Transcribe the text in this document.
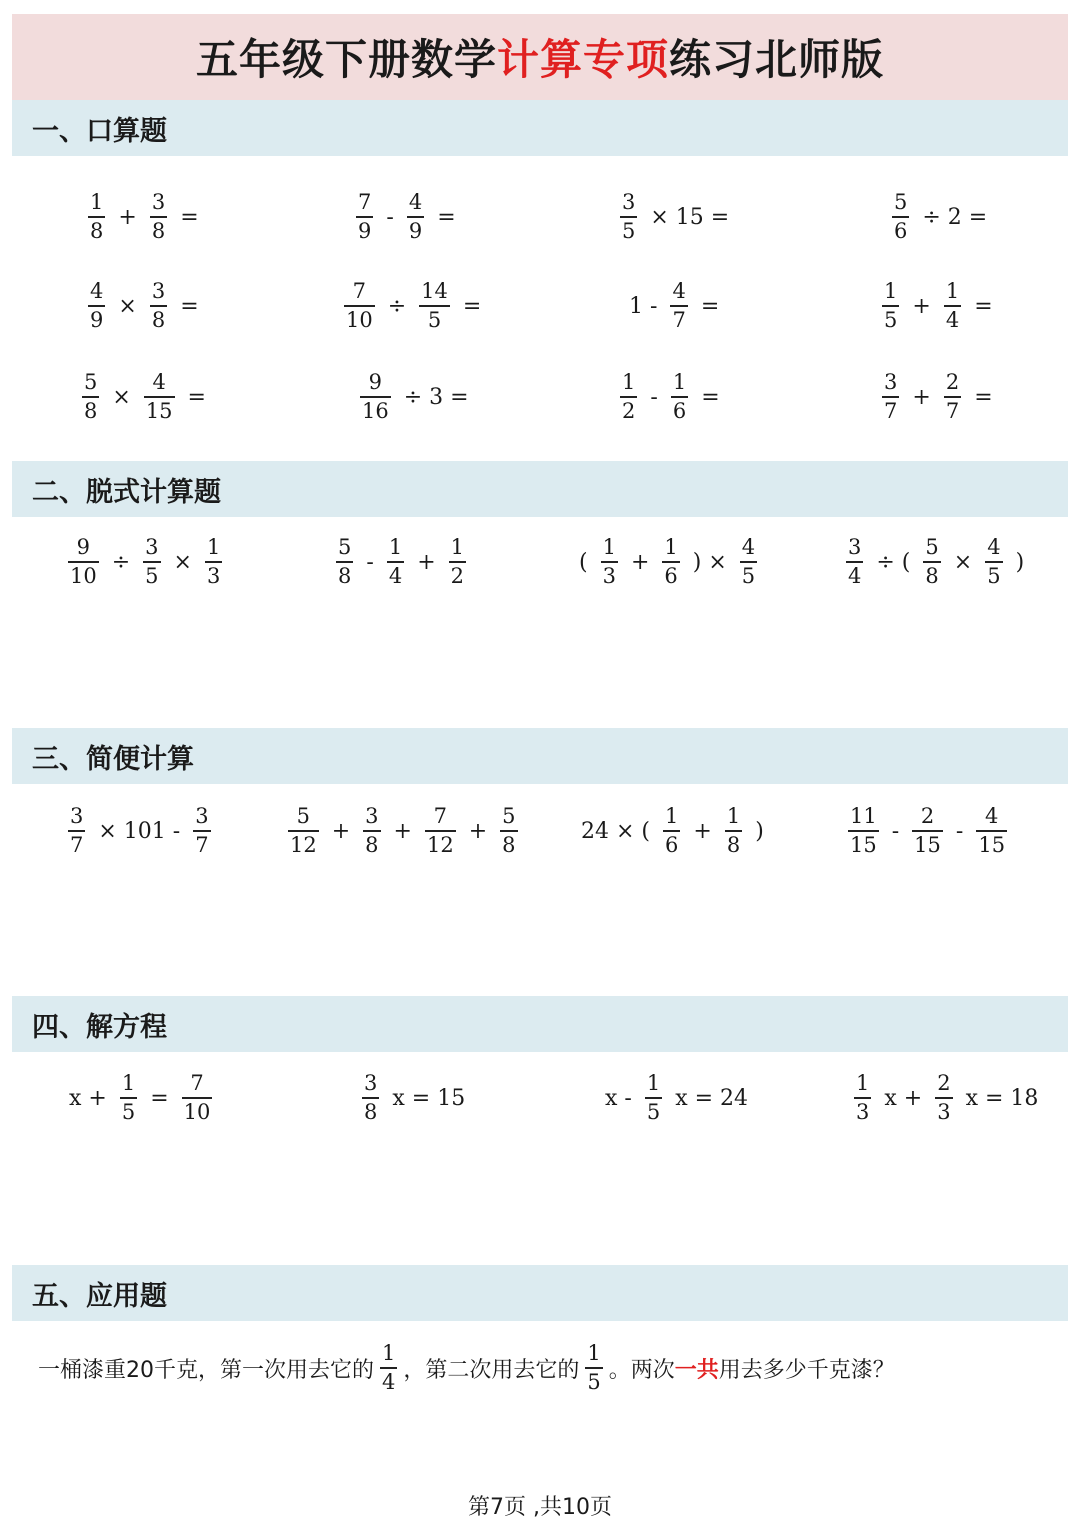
五年级下册数学 计算专项 练习北师版
一、口算题
$\frac{1}{8} + \frac{3}{8}$ =	$\frac{7}{9} - \frac{4}{9}$ =	$\frac{3}{5} \times 15$ =	$\frac{5}{6} \div 2$ =
$\frac{4}{9} \times \frac{3}{8}$ =	$\frac{7}{10} \div \frac{14}{5}$ =	$1 - \frac{4}{7}$ =	$\frac{1}{5} + \frac{1}{4}$ =
$\frac{5}{8} \times \frac{4}{15}$ =	$\frac{9}{16} \div 3$ =	$\frac{1}{2} - \frac{1}{6}$ =	$\frac{3}{7} + \frac{2}{7}$ =
二、脱式计算题
$\frac{9}{10} \div \frac{3}{5} \times \frac{1}{3}$	$\frac{5}{8} - \frac{1}{4} + \frac{1}{2}$	( $\frac{1}{3} + \frac{1}{6}$ ) × $\frac{4}{5}$	$\frac{3}{4}$ ÷ ( $\frac{5}{8} \times \frac{4}{5}$ )
三、简便计算
$\frac{3}{7} \times 101 - \frac{3}{7}$	$\frac{5}{12} + \frac{3}{8} + \frac{7}{12} + \frac{5}{8}$	24 × ( $\frac{1}{6} + \frac{1}{8}$ )	$\frac{11}{15} - \frac{2}{15} - \frac{4}{15}$
四、解方程
$x + \frac{1}{5} = \frac{7}{10}$	$\frac{3}{8}$ x = 15	x - $\frac{1}{5}$ x = 24	$\frac{1}{3}$ $x + \frac{2}{3}$ x = 18
五、应用题
一桶漆重20千克，第一次用去它的 $\frac{1}{4}$ ，第二次用去它的 $\frac{1}{5}$ 。两次 一共 用去多少千克漆？
第7页 ,共10页
